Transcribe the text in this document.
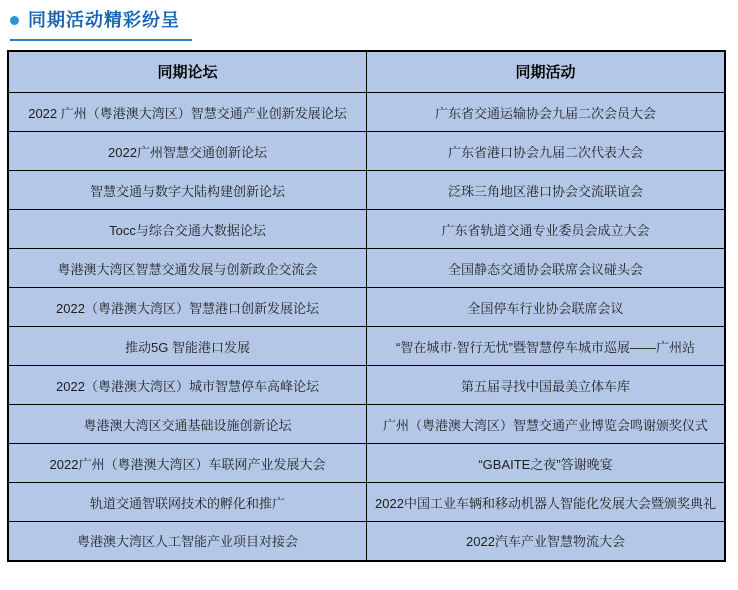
同期活动精彩纷呈
同期论坛	同期活动
2022 广州（粤港澳大湾区）智慧交通产业创新发展论坛	广东省交通运输协会九届二次会员大会
2022广州智慧交通创新论坛	广东省港口协会九届二次代表大会
智慧交通与数字大陆构建创新论坛	泛珠三角地区港口协会交流联谊会
Tocc与综合交通大数据论坛	广东省轨道交通专业委员会成立大会
粤港澳大湾区智慧交通发展与创新政企交流会	全国静态交通协会联席会议碰头会
2022（粤港澳大湾区）智慧港口创新发展论坛	全国停车行业协会联席会议
推动5G 智能港口发展	“智在城市·智行无忧”暨智慧停车城市巡展——广州站
2022（粤港澳大湾区）城市智慧停车高峰论坛	第五届寻找中国最美立体车库
粤港澳大湾区交通基础设施创新论坛	广州（粤港澳大湾区）智慧交通产业博览会鸣谢颁奖仪式
2022广州（粤港澳大湾区）车联网产业发展大会	“GBAITE之夜”答谢晚宴
轨道交通智联网技术的孵化和推广	2022中国工业车辆和移动机器人智能化发展大会暨颁奖典礼
粤港澳大湾区人工智能产业项目对接会	2022汽车产业智慧物流大会
